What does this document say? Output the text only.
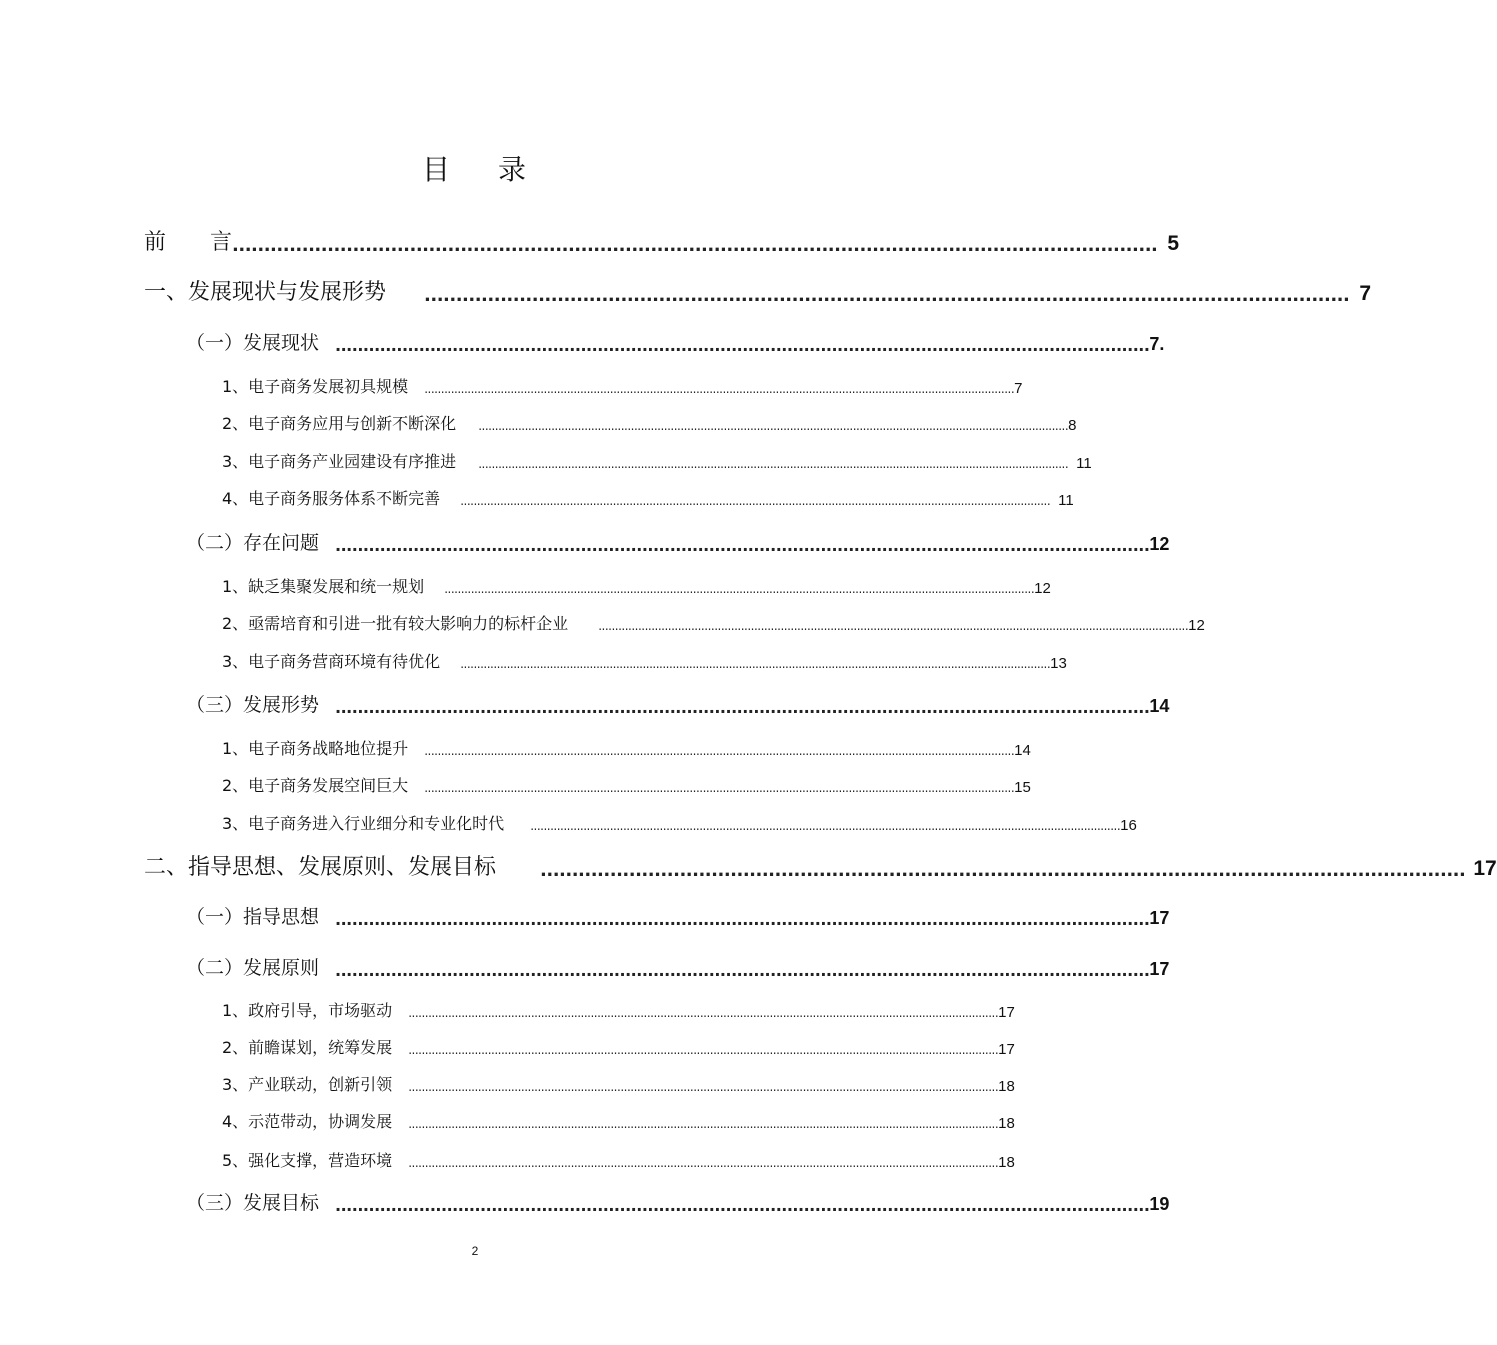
目 录
前 言 .................................................................................................................................................. 5
一、发展现状与发展形势 .................................................................................................................................................. 7
（一）发展现状 .................................................................................................................................................. 7.
1、电子商务发展初具规模 .................................................................................................................................................................................. 7
2、电子商务应用与创新不断深化 .................................................................................................................................................................................. 8
3、电子商务产业园建设有序推进 .................................................................................................................................................................................. 11
4、电子商务服务体系不断完善 .................................................................................................................................................................................. 11
（二）存在问题 .................................................................................................................................................. 12
1、缺乏集聚发展和统一规划 .................................................................................................................................................................................. 12
2、亟需培育和引进一批有较大影响力的标杆企业	.................................................................................................................................................................................. 12
3、电子商务营商环境有待优化 .................................................................................................................................................................................. 13
（三）发展形势 .................................................................................................................................................. 14
1、电子商务战略地位提升 .................................................................................................................................................................................. 14
2、电子商务发展空间巨大 .................................................................................................................................................................................. 15
3、电子商务进入行业细分和专业化时代 .................................................................................................................................................................................. 16
二、指导思想、发展原则、发展目标 .................................................................................................................................................. 17
（一）指导思想 .................................................................................................................................................. 17
（二）发展原则 .................................................................................................................................................. 17
1、政府引导，市场驱动 .................................................................................................................................................................................. 17
2、前瞻谋划，统筹发展 .................................................................................................................................................................................. 17
3、产业联动，创新引领 .................................................................................................................................................................................. 18
4、示范带动，协调发展 .................................................................................................................................................................................. 18
5、强化支撑，营造环境 .................................................................................................................................................................................. 18
（三）发展目标 .................................................................................................................................................. 19
2
